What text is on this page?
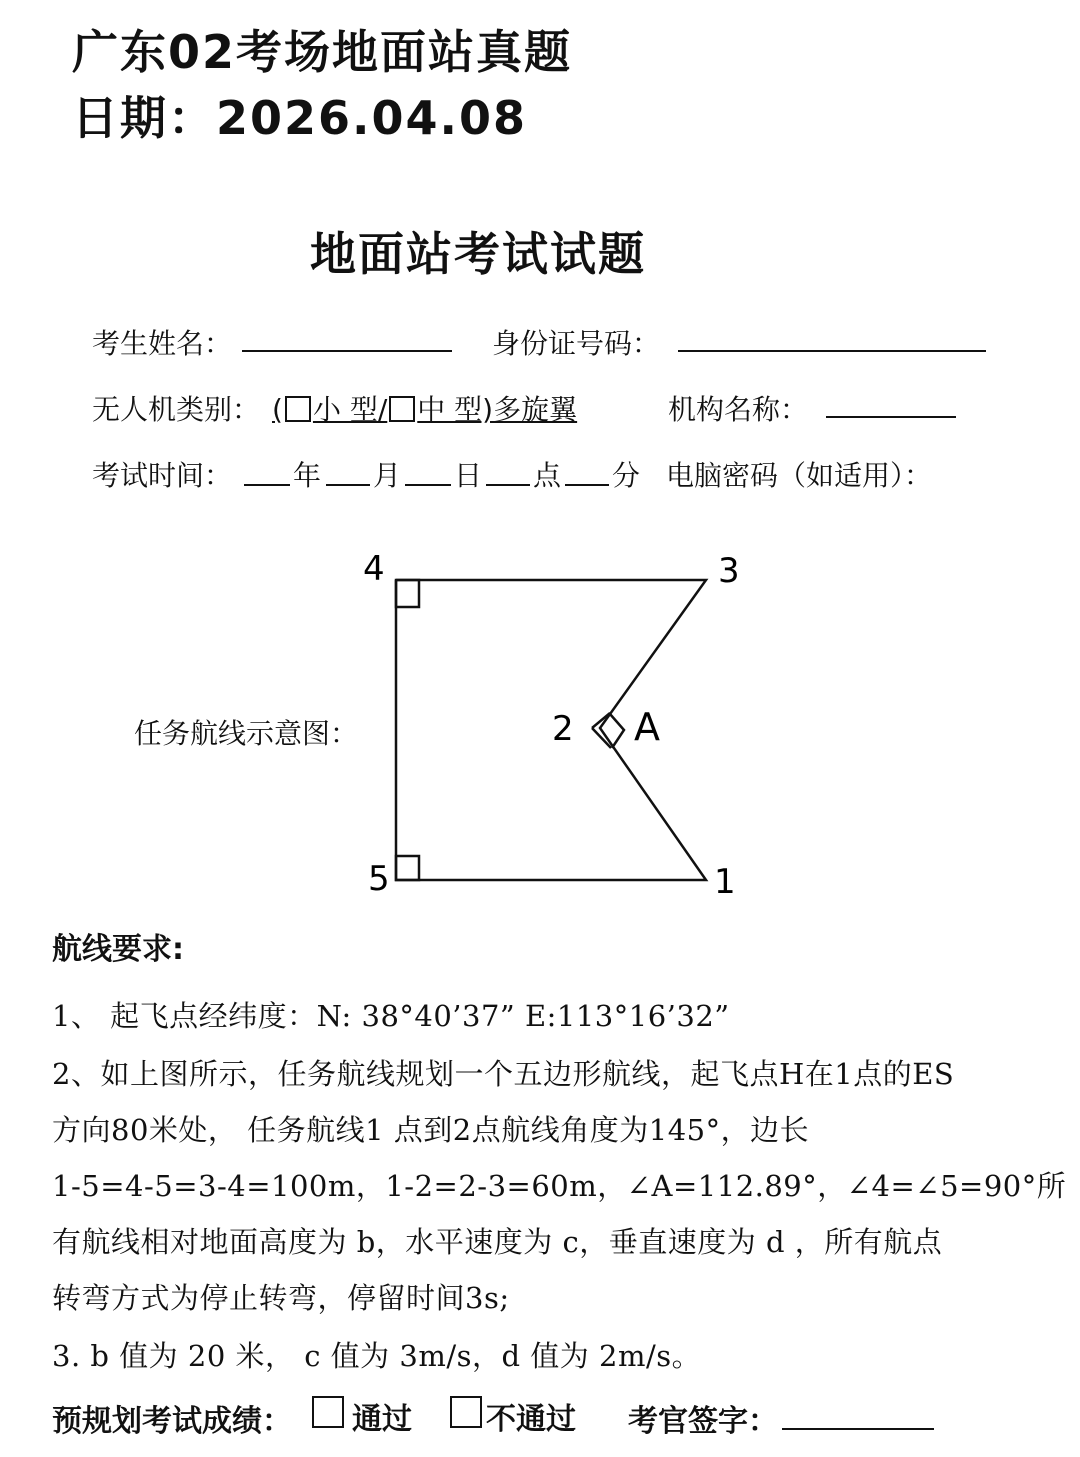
广东02考场地面站真题
日期：2026.04.08
地面站考试试题
考生姓名：	身份证号码：
无人机类别： ( 小 型/ 中 型)多旋翼	机构名称：
考试时间： 年 月 日 点 分 电脑密码（如适用）：
任务航线示意图：
4	3
2 A
5	1
航线要求:
1、 起飞点经纬度：N: 38°40’37” E:113°16’32”
2、如上图所示，任务航线规划一个五边形航线，起飞点H在1点的ES
方向80米处， 任务航线1 点到2点航线角度为145°，边长
1-5=4-5=3-4=100m，1-2=2-3=60m，∠A=112.89°，∠4=∠5=90°所
有航线相对地面高度为 b，水平速度为 c，垂直速度为 d ，所有航点
转弯方式为停止转弯，停留时间3s;
3. b 值为 20 米， c 值为 3m/s，d 值为 2m/s。
预规划考试成绩： 通过 不通过 考官签字：
